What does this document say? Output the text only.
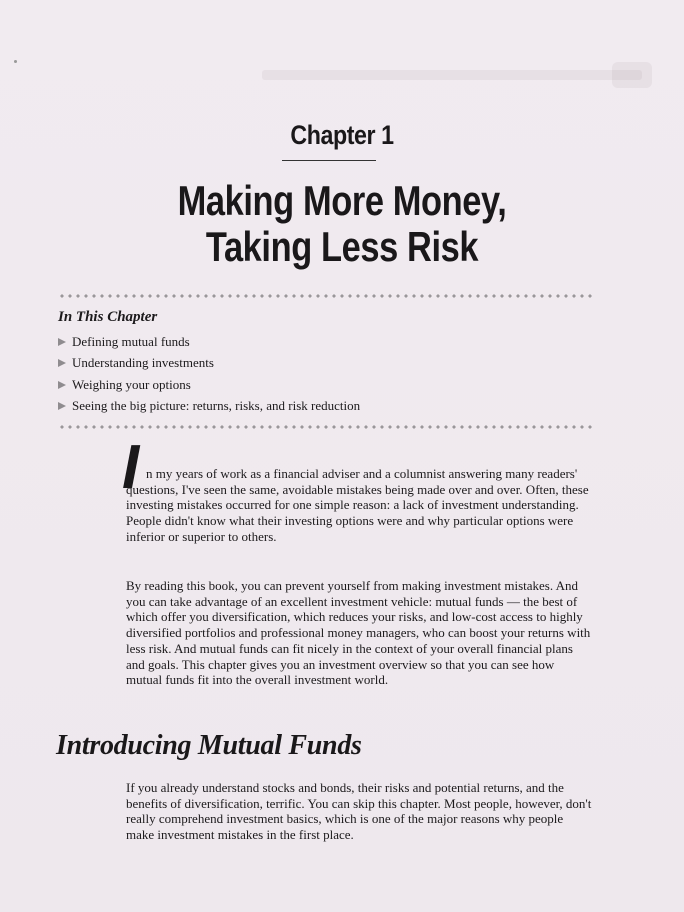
Chapter 1
Making More Money,
Taking Less Risk
In This Chapter
Defining mutual funds
Understanding investments
Weighing your options
Seeing the big picture: returns, risks, and risk reduction
I n my years of work as a financial adviser and a columnist answering many readers' questions, I've seen the same, avoidable mistakes being made over and over. Often, these investing mistakes occurred for one simple reason: a lack of investment understanding. People didn't know what their investing options were and why particular options were inferior or superior to others.

By reading this book, you can prevent yourself from making investment mistakes. And you can take advantage of an excellent investment vehicle: mutual funds — the best of which offer you diversification, which reduces your risks, and low-cost access to highly diversified portfolios and professional money managers, who can boost your returns with less risk. And mutual funds can fit nicely in the context of your overall financial plans and goals. This chapter gives you an investment overview so that you can see how mutual funds fit into the overall investment world.

Introducing Mutual Funds

If you already understand stocks and bonds, their risks and potential returns, and the benefits of diversification, terrific. You can skip this chapter. Most people, however, don't really comprehend investment basics, which is one of the major reasons why people make investment mistakes in the first place.
